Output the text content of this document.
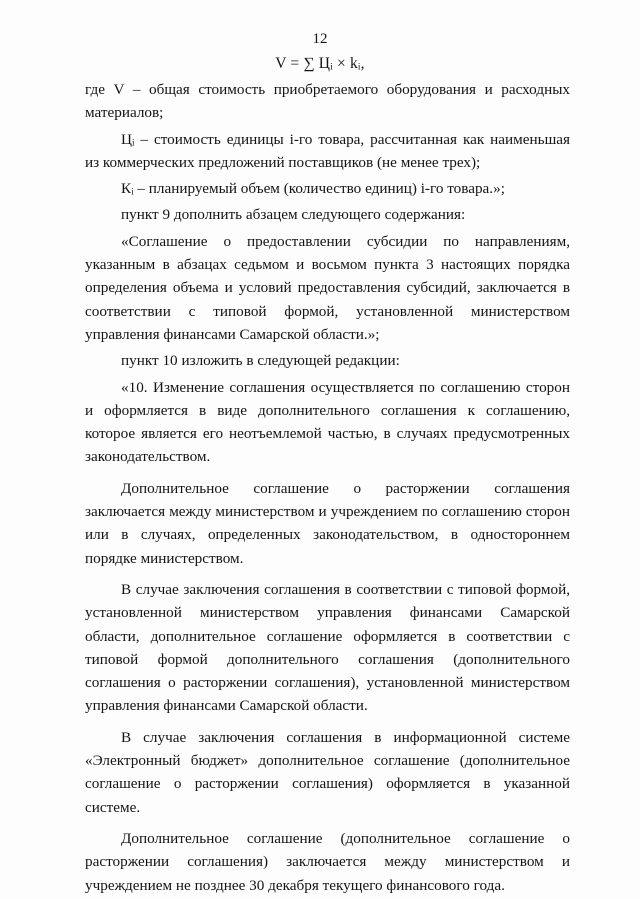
12
V = ∑ Цᵢ × kᵢ,

где V – общая стоимость приобретаемого оборудования и расходных материалов;

Цᵢ – стоимость единицы i-го товара, рассчитанная как наименьшая из коммерческих предложений поставщиков (не менее трех);

Кᵢ – планируемый объем (количество единиц) i-го товара.»;

пункт 9 дополнить абзацем следующего содержания:

«Соглашение о предоставлении субсидии по направлениям, указанным в абзацах седьмом и восьмом пункта 3 настоящих порядка определения объема и условий предоставления субсидий, заключается в соответствии с типовой формой, установленной министерством управления финансами Самарской области.»;

пункт 10 изложить в следующей редакции:

«10. Изменение соглашения осуществляется по соглашению сторон и оформляется в виде дополнительного соглашения к соглашению, которое является его неотъемлемой частью, в случаях предусмотренных законодательством.

Дополнительное соглашение о расторжении соглашения заключается между министерством и учреждением по соглашению сторон или в случаях, определенных законодательством, в одностороннем порядке министерством.

В случае заключения соглашения в соответствии с типовой формой, установленной министерством управления финансами Самарской области, дополнительное соглашение оформляется в соответствии с типовой формой дополнительного соглашения (дополнительного соглашения о расторжении соглашения), установленной министерством управления финансами Самарской области.

В случае заключения соглашения в информационной системе «Электронный бюджет» дополнительное соглашение (дополнительное соглашение о расторжении соглашения) оформляется в указанной системе.

Дополнительное соглашение (дополнительное соглашение о расторжении соглашения) заключается между министерством и учреждением не позднее 30 декабря текущего финансового года.
